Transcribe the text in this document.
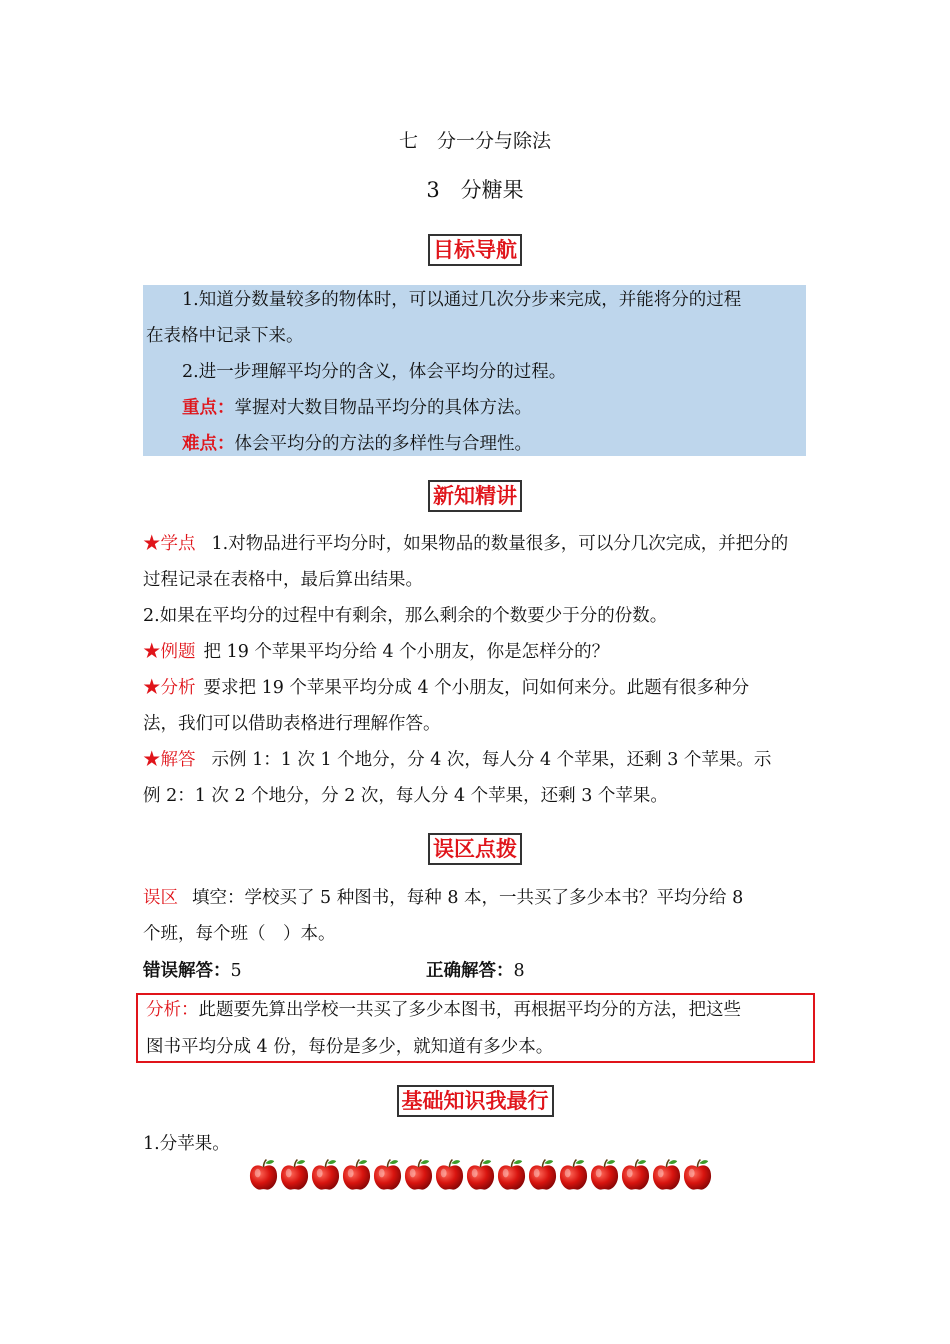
七　分一分与除法
3　分糖果
目标导航
1.知道分数量较多的物体时，可以通过几次分步来完成，并能将分的过程
在表格中记录下来。
2.进一步理解平均分的含义，体会平均分的过程。
重点：掌握对大数目物品平均分的具体方法。
难点：体会平均分的方法的多样性与合理性。
新知精讲
★学点 1.对物品进行平均分时，如果物品的数量很多，可以分几次完成，并把分的
过程记录在表格中，最后算出结果。
2.如果在平均分的过程中有剩余，那么剩余的个数要少于分的份数。
★例题 把 19 个苹果平均分给 4 个小朋友，你是怎样分的？
★分析 要求把 19 个苹果平均分成 4 个小朋友，问如何来分。此题有很多种分
法，我们可以借助表格进行理解作答。
★解答 示例 1：1 次 1 个地分，分 4 次，每人分 4 个苹果，还剩 3 个苹果。示
例 2：1 次 2 个地分，分 2 次，每人分 4 个苹果，还剩 3 个苹果。
误区点拨
误区 填空：学校买了 5 种图书，每种 8 本，一共买了多少本书？平均分给 8
个班，每个班（　）本。
错误解答：5	正确解答：8
分析：此题要先算出学校一共买了多少本图书，再根据平均分的方法，把这些
图书平均分成 4 份，每份是多少，就知道有多少本。
基础知识我最行
1.分苹果。
